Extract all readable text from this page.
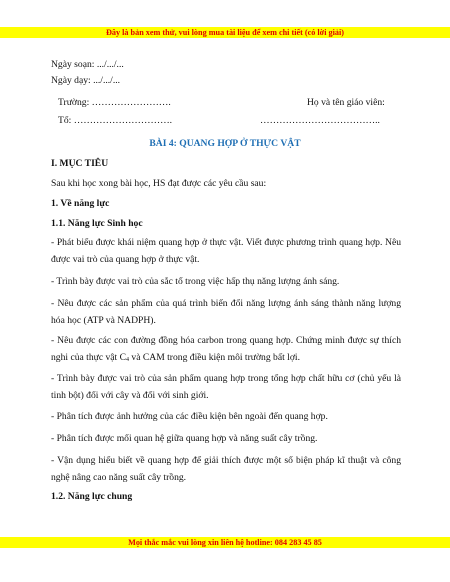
Đây là bản xem thử, vui lòng mua tài liệu để xem chi tiết (có lời giải)
Ngày soạn: .../.../...
Ngày dạy: .../.../...
Trường: …………………….	Họ và tên giáo viên:
Tổ: ………………………….	………………………………..
BÀI 4: QUANG HỢP Ở THỰC VẬT
I. MỤC TIÊU
Sau khi học xong bài học, HS đạt được các yêu cầu sau:
1. Về năng lực
1.1. Năng lực Sinh học
- Phát biểu được khái niệm quang hợp ở thực vật. Viết được phương trình quang hợp. Nêu được vai trò của quang hợp ở thực vật.
- Trình bày được vai trò của sắc tố trong việc hấp thụ năng lượng ánh sáng.
- Nêu được các sản phẩm của quá trình biến đổi năng lượng ánh sáng thành năng lượng hóa học (ATP và NADPH).
- Nêu được các con đường đồng hóa carbon trong quang hợp. Chứng minh được sự thích nghi của thực vật $C_4$ và CAM trong điều kiện môi trường bất lợi.
- Trình bày được vai trò của sản phẩm quang hợp trong tổng hợp chất hữu cơ (chủ yếu là tinh bột) đối với cây và đối với sinh giới.
- Phân tích được ảnh hưởng của các điều kiện bên ngoài đến quang hợp.
- Phân tích được mối quan hệ giữa quang hợp và năng suất cây trồng.
- Vận dụng hiểu biết về quang hợp để giải thích được một số biện pháp kĩ thuật và công nghệ nâng cao năng suất cây trồng.
1.2. Năng lực chung
Mọi thắc mắc vui lòng xin liên hệ hotline: 084 283 45 85
